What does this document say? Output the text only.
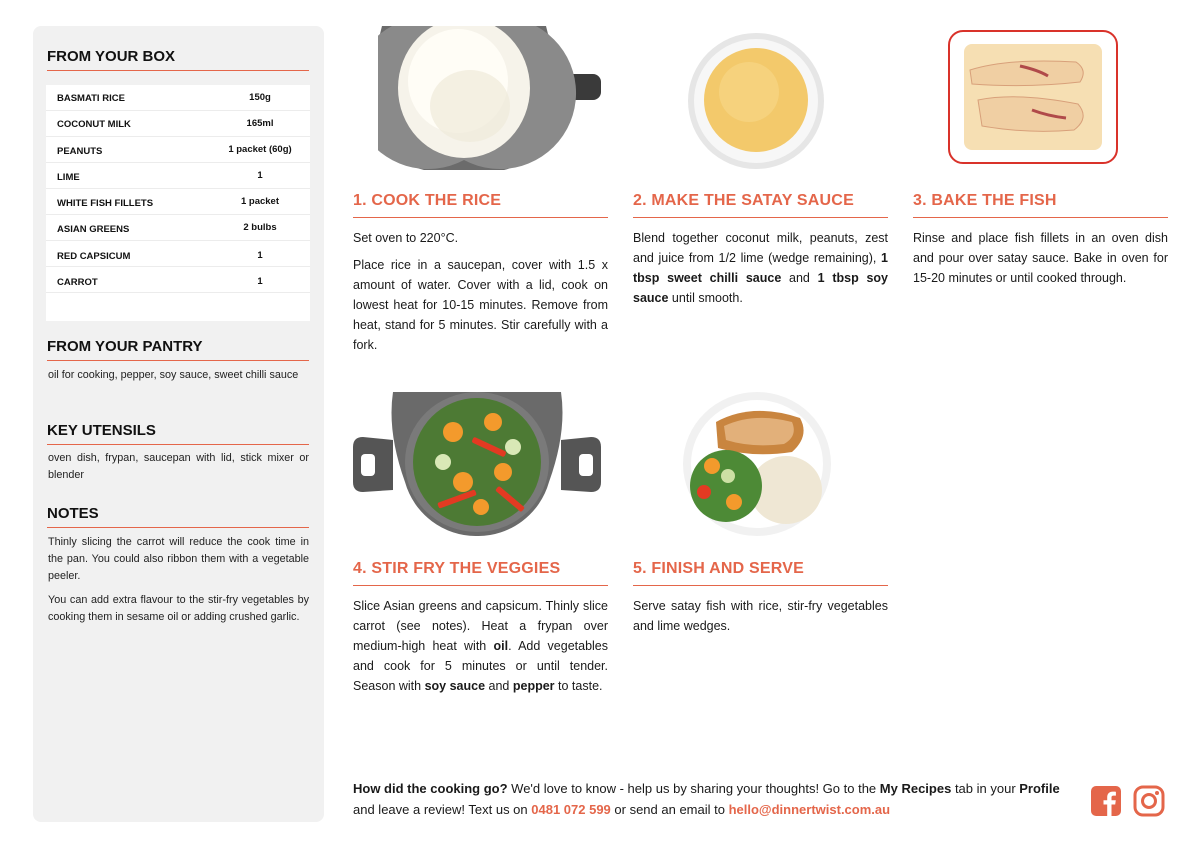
FROM YOUR BOX
BASMATI RICE	150g
COCONUT MILK	165ml
PEANUTS	1 packet (60g)
LIME	1
WHITE FISH FILLETS	1 packet
ASIAN GREENS	2 bulbs
RED CAPSICUM	1
CARROT	1
FROM YOUR PANTRY
oil for cooking, pepper, soy sauce, sweet chilli sauce
KEY UTENSILS
oven dish, frypan, saucepan with lid, stick mixer or blender
NOTES
Thinly slicing the carrot will reduce the cook time in the pan. You could also ribbon them with a vegetable peeler.
You can add extra flavour to the stir-fry vegetables by cooking them in sesame oil or adding crushed garlic.
1. COOK THE RICE

Set oven to 220°C.

Place rice in a saucepan, cover with 1.5 x amount of water. Cover with a lid, cook on lowest heat for 10-15 minutes. Remove from heat, stand for 5 minutes. Stir carefully with a fork.

2. MAKE THE SATAY SAUCE

Blend together coconut milk, peanuts, zest and juice from 1/2 lime (wedge remaining), 1 tbsp sweet chilli sauce and 1 tbsp soy sauce until smooth.

3. BAKE THE FISH

Rinse and place fish fillets in an oven dish and pour over satay sauce. Bake in oven for 15-20 minutes or until cooked through.

4. STIR FRY THE VEGGIES

Slice Asian greens and capsicum. Thinly slice carrot (see notes). Heat a frypan over medium-high heat with oil. Add vegetables and cook for 5 minutes or until tender. Season with soy sauce and pepper to taste.

5. FINISH AND SERVE

Serve satay fish with rice, stir-fry vegetables and lime wedges.

How did the cooking go? We'd love to know - help us by sharing your thoughts! Go to the My Recipes tab in your Profile and leave a review! Text us on 0481 072 599 or send an email to hello@dinnertwist.com.au
